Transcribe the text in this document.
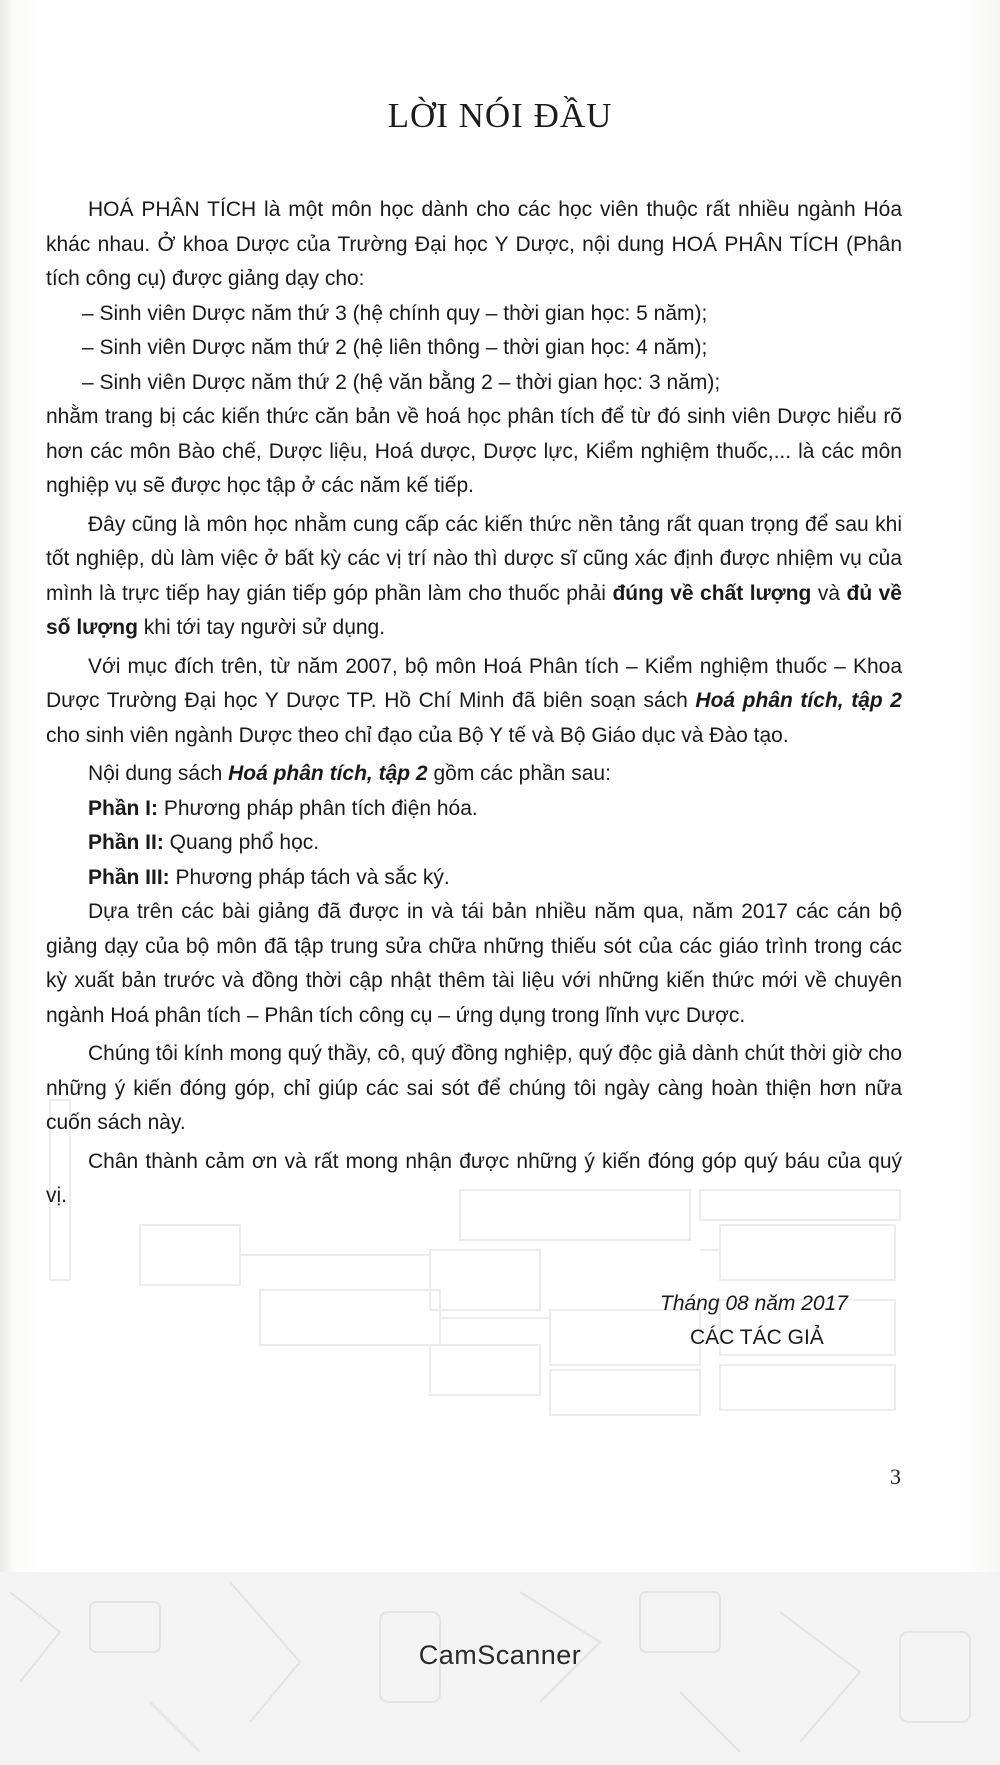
LỜI NÓI ĐẦU

HOÁ PHÂN TÍCH là một môn học dành cho các học viên thuộc rất nhiều ngành Hóa khác nhau. Ở khoa Dược của Trường Đại học Y Dược, nội dung HOÁ PHÂN TÍCH (Phân tích công cụ) được giảng dạy cho:

– Sinh viên Dược năm thứ 3 (hệ chính quy – thời gian học: 5 năm);

– Sinh viên Dược năm thứ 2 (hệ liên thông – thời gian học: 4 năm);

– Sinh viên Dược năm thứ 2 (hệ văn bằng 2 – thời gian học: 3 năm);

nhằm trang bị các kiến thức căn bản về hoá học phân tích để từ đó sinh viên Dược hiểu rõ hơn các môn Bào chế, Dược liệu, Hoá dược, Dược lực, Kiểm nghiệm thuốc,... là các môn nghiệp vụ sẽ được học tập ở các năm kế tiếp.

Đây cũng là môn học nhằm cung cấp các kiến thức nền tảng rất quan trọng để sau khi tốt nghiệp, dù làm việc ở bất kỳ các vị trí nào thì dược sĩ cũng xác định được nhiệm vụ của mình là trực tiếp hay gián tiếp góp phần làm cho thuốc phải đúng về chất lượng và đủ về số lượng khi tới tay người sử dụng.

Với mục đích trên, từ năm 2007, bộ môn Hoá Phân tích – Kiểm nghiệm thuốc – Khoa Dược Trường Đại học Y Dược TP. Hồ Chí Minh đã biên soạn sách Hoá phân tích, tập 2 cho sinh viên ngành Dược theo chỉ đạo của Bộ Y tế và Bộ Giáo dục và Đào tạo.

Nội dung sách Hoá phân tích, tập 2 gồm các phần sau:

Phần I: Phương pháp phân tích điện hóa.

Phần II: Quang phổ học.

Phần III: Phương pháp tách và sắc ký.

Dựa trên các bài giảng đã được in và tái bản nhiều năm qua, năm 2017 các cán bộ giảng dạy của bộ môn đã tập trung sửa chữa những thiếu sót của các giáo trình trong các kỳ xuất bản trước và đồng thời cập nhật thêm tài liệu với những kiến thức mới về chuyên ngành Hoá phân tích – Phân tích công cụ – ứng dụng trong lĩnh vực Dược.

Chúng tôi kính mong quý thầy, cô, quý đồng nghiệp, quý độc giả dành chút thời giờ cho những ý kiến đóng góp, chỉ giúp các sai sót để chúng tôi ngày càng hoàn thiện hơn nữa cuốn sách này.

Chân thành cảm ơn và rất mong nhận được những ý kiến đóng góp quý báu của quý vị.

Tháng 08 năm 2017
CÁC TÁC GIẢ
3
CamScanner
